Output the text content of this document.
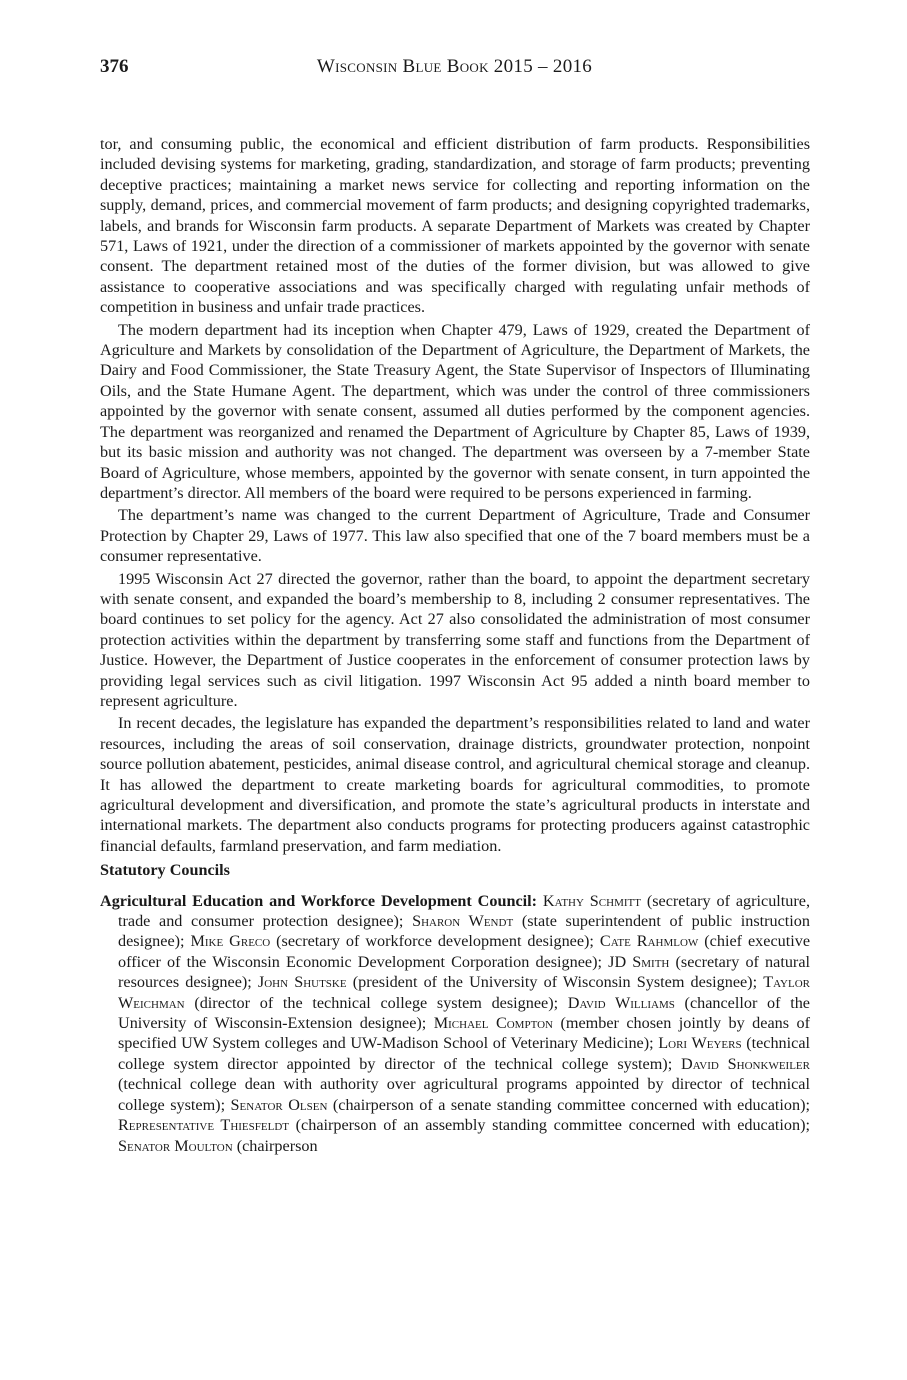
376	Wisconsin Blue Book 2015 – 2016

tor, and consuming public, the economical and efficient distribution of farm products. Responsibilities included devising systems for marketing, grading, standardization, and storage of farm products; preventing deceptive practices; maintaining a market news service for collecting and reporting information on the supply, demand, prices, and commercial movement of farm products; and designing copyrighted trademarks, labels, and brands for Wisconsin farm products. A separate Department of Markets was created by Chapter 571, Laws of 1921, under the direction of a commissioner of markets appointed by the governor with senate consent. The department retained most of the duties of the former division, but was allowed to give assistance to cooperative associations and was specifically charged with regulating unfair methods of competition in business and unfair trade practices.

The modern department had its inception when Chapter 479, Laws of 1929, created the Department of Agriculture and Markets by consolidation of the Department of Agriculture, the Department of Markets, the Dairy and Food Commissioner, the State Treasury Agent, the State Supervisor of Inspectors of Illuminating Oils, and the State Humane Agent. The department, which was under the control of three commissioners appointed by the governor with senate consent, assumed all duties performed by the component agencies. The department was reorganized and renamed the Department of Agriculture by Chapter 85, Laws of 1939, but its basic mission and authority was not changed. The department was overseen by a 7-member State Board of Agriculture, whose members, appointed by the governor with senate consent, in turn appointed the department’s director. All members of the board were required to be persons experienced in farming.

The department’s name was changed to the current Department of Agriculture, Trade and Consumer Protection by Chapter 29, Laws of 1977. This law also specified that one of the 7 board members must be a consumer representative.

1995 Wisconsin Act 27 directed the governor, rather than the board, to appoint the department secretary with senate consent, and expanded the board’s membership to 8, including 2 consumer representatives. The board continues to set policy for the agency. Act 27 also consolidated the administration of most consumer protection activities within the department by transferring some staff and functions from the Department of Justice. However, the Department of Justice cooperates in the enforcement of consumer protection laws by providing legal services such as civil litigation. 1997 Wisconsin Act 95 added a ninth board member to represent agriculture.

In recent decades, the legislature has expanded the department’s responsibilities related to land and water resources, including the areas of soil conservation, drainage districts, groundwater protection, nonpoint source pollution abatement, pesticides, animal disease control, and agricultural chemical storage and cleanup. It has allowed the department to create marketing boards for agricultural commodities, to promote agricultural development and diversification, and promote the state’s agricultural products in interstate and international markets. The department also conducts programs for protecting producers against catastrophic financial defaults, farmland preservation, and farm mediation.

Statutory Councils

Agricultural Education and Workforce Development Council: Kathy Schmitt (secretary of agriculture, trade and consumer protection designee); Sharon Wendt (state superintendent of public instruction designee); Mike Greco (secretary of workforce development designee); Cate Rahmlow (chief executive officer of the Wisconsin Economic Development Corporation designee); JD Smith (secretary of natural resources designee); John Shutske (president of the University of Wisconsin System designee); Taylor Weichman (director of the technical college system designee); David Williams (chancellor of the University of Wisconsin-Extension designee); Michael Compton (member chosen jointly by deans of specified UW System colleges and UW-Madison School of Veterinary Medicine); Lori Weyers (technical college system director appointed by director of the technical college system); David Shonkweiler (technical college dean with authority over agricultural programs appointed by director of technical college system); Senator Olsen (chairperson of a senate standing committee concerned with education); Representative Thiesfeldt (chairperson of an assembly standing committee concerned with education); Senator Moulton (chairperson
